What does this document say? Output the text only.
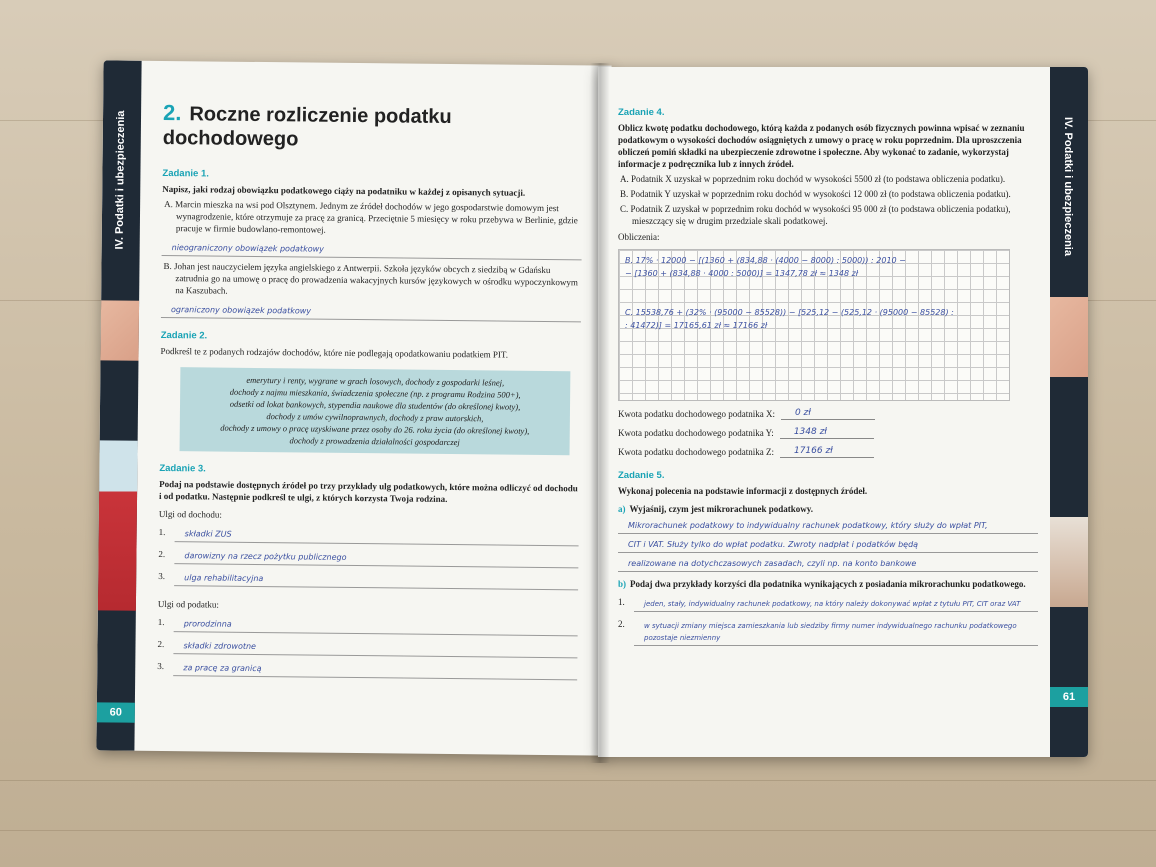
IV. Podatki i ubezpieczenia
60
2. Roczne rozliczenie podatku dochodowego
Zadanie 1.
Napisz, jaki rodzaj obowiązku podatkowego ciąży na podatniku w każdej z opisanych sytuacji.
A. Marcin mieszka na wsi pod Olsztynem. Jednym ze źródeł dochodów w jego gospodarstwie domowym jest wynagrodzenie, które otrzymuje za pracę za granicą. Przeciętnie 5 miesięcy w roku przebywa w Berlinie, gdzie pracuje w firmie budowlano-remontowej.
nieograniczony obowiązek podatkowy
B. Johan jest nauczycielem języka angielskiego z Antwerpii. Szkoła języków obcych z siedzibą w Gdańsku zatrudnia go na umowę o pracę do prowadzenia wakacyjnych kursów językowych w ośrodku wypoczynkowym na Kaszubach.
ograniczony obowiązek podatkowy
Zadanie 2.
Podkreśl te z podanych rodzajów dochodów, które nie podlegają opodatkowaniu podatkiem PIT.
emerytury i renty, wygrane w grach losowych, dochody z gospodarki leśnej,
dochody z najmu mieszkania, świadczenia społeczne (np. z programu Rodzina 500+),
odsetki od lokat bankowych, stypendia naukowe dla studentów (do określonej kwoty),
dochody z umów cywilnoprawnych, dochody z praw autorskich,
dochody z umowy o pracę uzyskiwane przez osoby do 26. roku życia (do określonej kwoty),
dochody z prowadzenia działalności gospodarczej
Zadanie 3.
Podaj na podstawie dostępnych źródeł po trzy przykłady ulg podatkowych, które można odliczyć od dochodu i od podatku. Następnie podkreśl te ulgi, z których korzysta Twoja rodzina.
Ulgi od dochodu:
1.	składki ZUS
2.	darowizny na rzecz pożytku publicznego
3.	ulga rehabilitacyjna
Ulgi od podatku:
1.	prorodzinna
2.	składki zdrowotne
3.	za pracę za granicą
IV. Podatki i ubezpieczenia
61
Zadanie 4.
Oblicz kwotę podatku dochodowego, którą każda z podanych osób fizycznych powinna wpisać w zeznaniu podatkowym o wysokości dochodów osiągniętych z umowy o pracę w roku poprzednim. Dla uproszczenia obliczeń pomiń składki na ubezpieczenie zdrowotne i społeczne. Aby wykonać to zadanie, wykorzystaj informacje z podręcznika lub z innych źródeł.
A. Podatnik X uzyskał w poprzednim roku dochód w wysokości 5500 zł (to podstawa obliczenia podatku).
B. Podatnik Y uzyskał w poprzednim roku dochód w wysokości 12 000 zł (to podstawa obliczenia podatku).
C. Podatnik Z uzyskał w poprzednim roku dochód w wysokości 95 000 zł (to podstawa obliczenia podatku), mieszczący się w drugim przedziale skali podatkowej.
Obliczenia:
B. 17% · 12000 − [(1360 + (834,88 · (4000 − 8000) : 5000)) : 2010 −
− [1360 + (834,88 · 4000 : 5000)] = 1347,78 zł ≈ 1348 zł
C. 15538,76 + (32% · (95000 − 85528)) − [525,12 − (525,12 · (95000 − 85528) :
: 41472)] = 17165,61 zł ≈ 17166 zł
Kwota podatku dochodowego podatnika X:	0 zł
Kwota podatku dochodowego podatnika Y:	1348 zł
Kwota podatku dochodowego podatnika Z:	17166 zł
Zadanie 5.
Wykonaj polecenia na podstawie informacji z dostępnych źródeł.
a) Wyjaśnij, czym jest mikrorachunek podatkowy.
Mikrorachunek podatkowy to indywidualny rachunek podatkowy, który służy do wpłat PIT,
CIT i VAT. Służy tylko do wpłat podatku. Zwroty nadpłat i podatków będą
realizowane na dotychczasowych zasadach, czyli np. na konto bankowe
b) Podaj dwa przykłady korzyści dla podatnika wynikających z posiadania mikrorachunku podatkowego.
1.	jeden, stały, indywidualny rachunek podatkowy, na który należy dokonywać wpłat z tytułu PIT, CIT oraz VAT
2.	w sytuacji zmiany miejsca zamieszkania lub siedziby firmy numer indywidualnego rachunku podatkowego pozostaje niezmienny
